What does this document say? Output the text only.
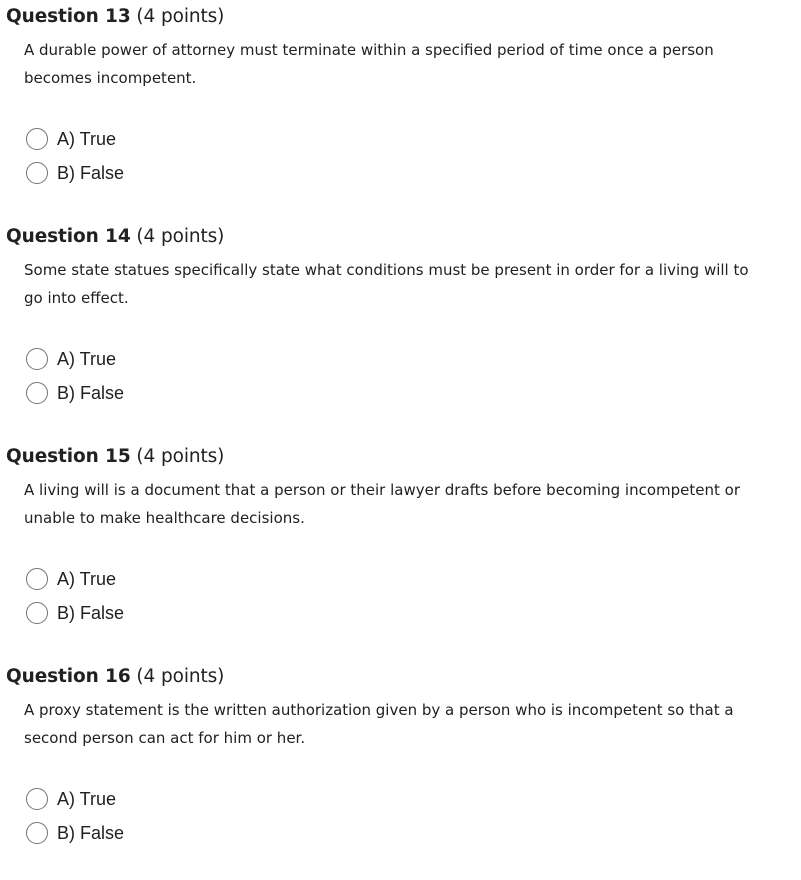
Question 13 (4 points)
A durable power of attorney must terminate within a specified period of time once a person becomes incompetent.
A) True
B) False
Question 14 (4 points)
Some state statues specifically state what conditions must be present in order for a living will to go into effect.
A) True
B) False
Question 15 (4 points)
A living will is a document that a person or their lawyer drafts before becoming incompetent or unable to make healthcare decisions.
A) True
B) False
Question 16 (4 points)
A proxy statement is the written authorization given by a person who is incompetent so that a second person can act for him or her.
A) True
B) False
